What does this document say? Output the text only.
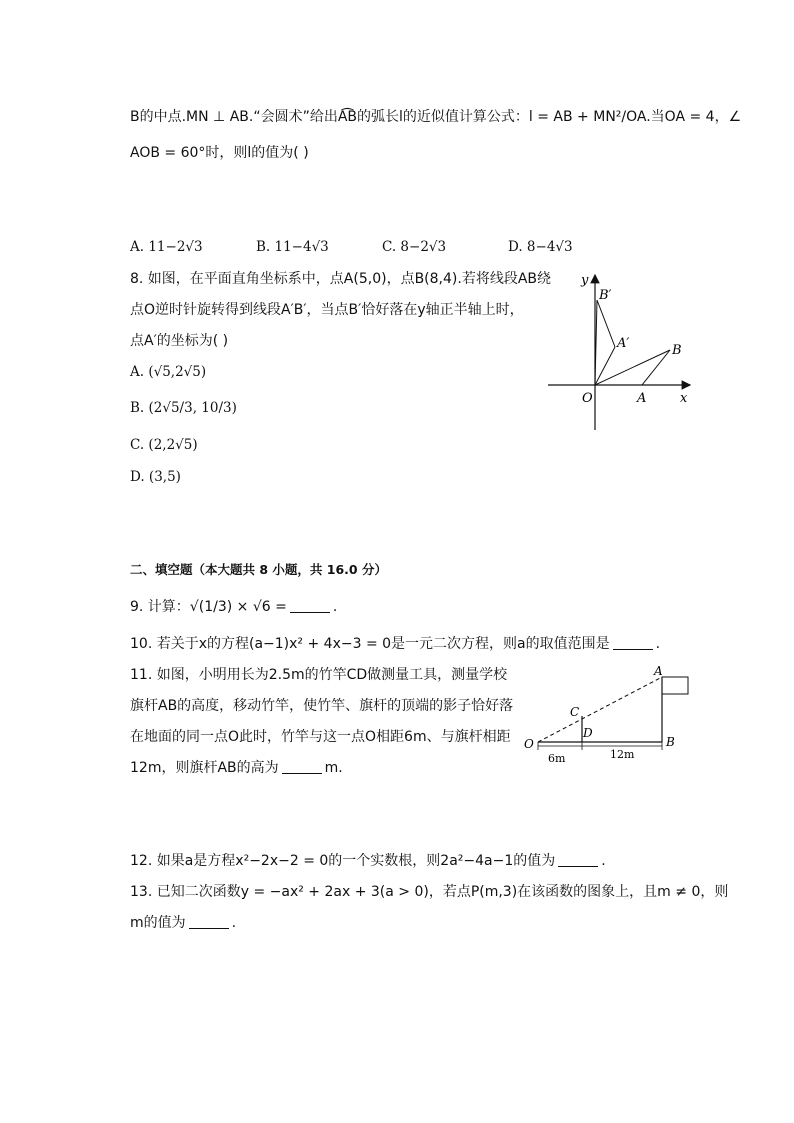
B的中点.MN ⊥ AB.“会圆术”给出A͡B的弧长l的近似值计算公式：l = AB + MN²/OA.当OA = 4，∠
AOB = 60°时，则l的值为( )
A. 11−2√3	B. 11−4√3	C. 8−2√3	D. 8−4√3
8. 如图，在平面直角坐标系中，点A(5,0)，点B(8,4).若将线段AB绕
点O逆时针旋转得到线段A′B′，当点B′恰好落在y轴正半轴上时，
点A′的坐标为( )
A. (√5,2√5)
B. (2√5/3, 10/3)
C. (2,2√5)
D. (3,5)
y
x
O	A
B
A′
B′
二、填空题（本大题共 8 小题，共 16.0 分）
9. 计算：√(1/3) × √6 =	.
10. 若关于x的方程(a−1)x² + 4x−3 = 0是一元二次方程，则a的取值范围是	.
11. 如图，小明用长为2.5m的竹竿CD做测量工具，测量学校
旗杆AB的高度，移动竹竿，使竹竿、旗杆的顶端的影子恰好落
在地面的同一点O此时，竹竿与这一点O相距6m、与旗杆相距
12m，则旗杆AB的高为	m.
A
B
C
D
O
6m	12m
12. 如果a是方程x²−2x−2 = 0的一个实数根，则2a²−4a−1的值为	.
13. 已知二次函数y = −ax² + 2ax + 3(a > 0)，若点P(m,3)在该函数的图象上，且m ≠ 0，则
m的值为	.
